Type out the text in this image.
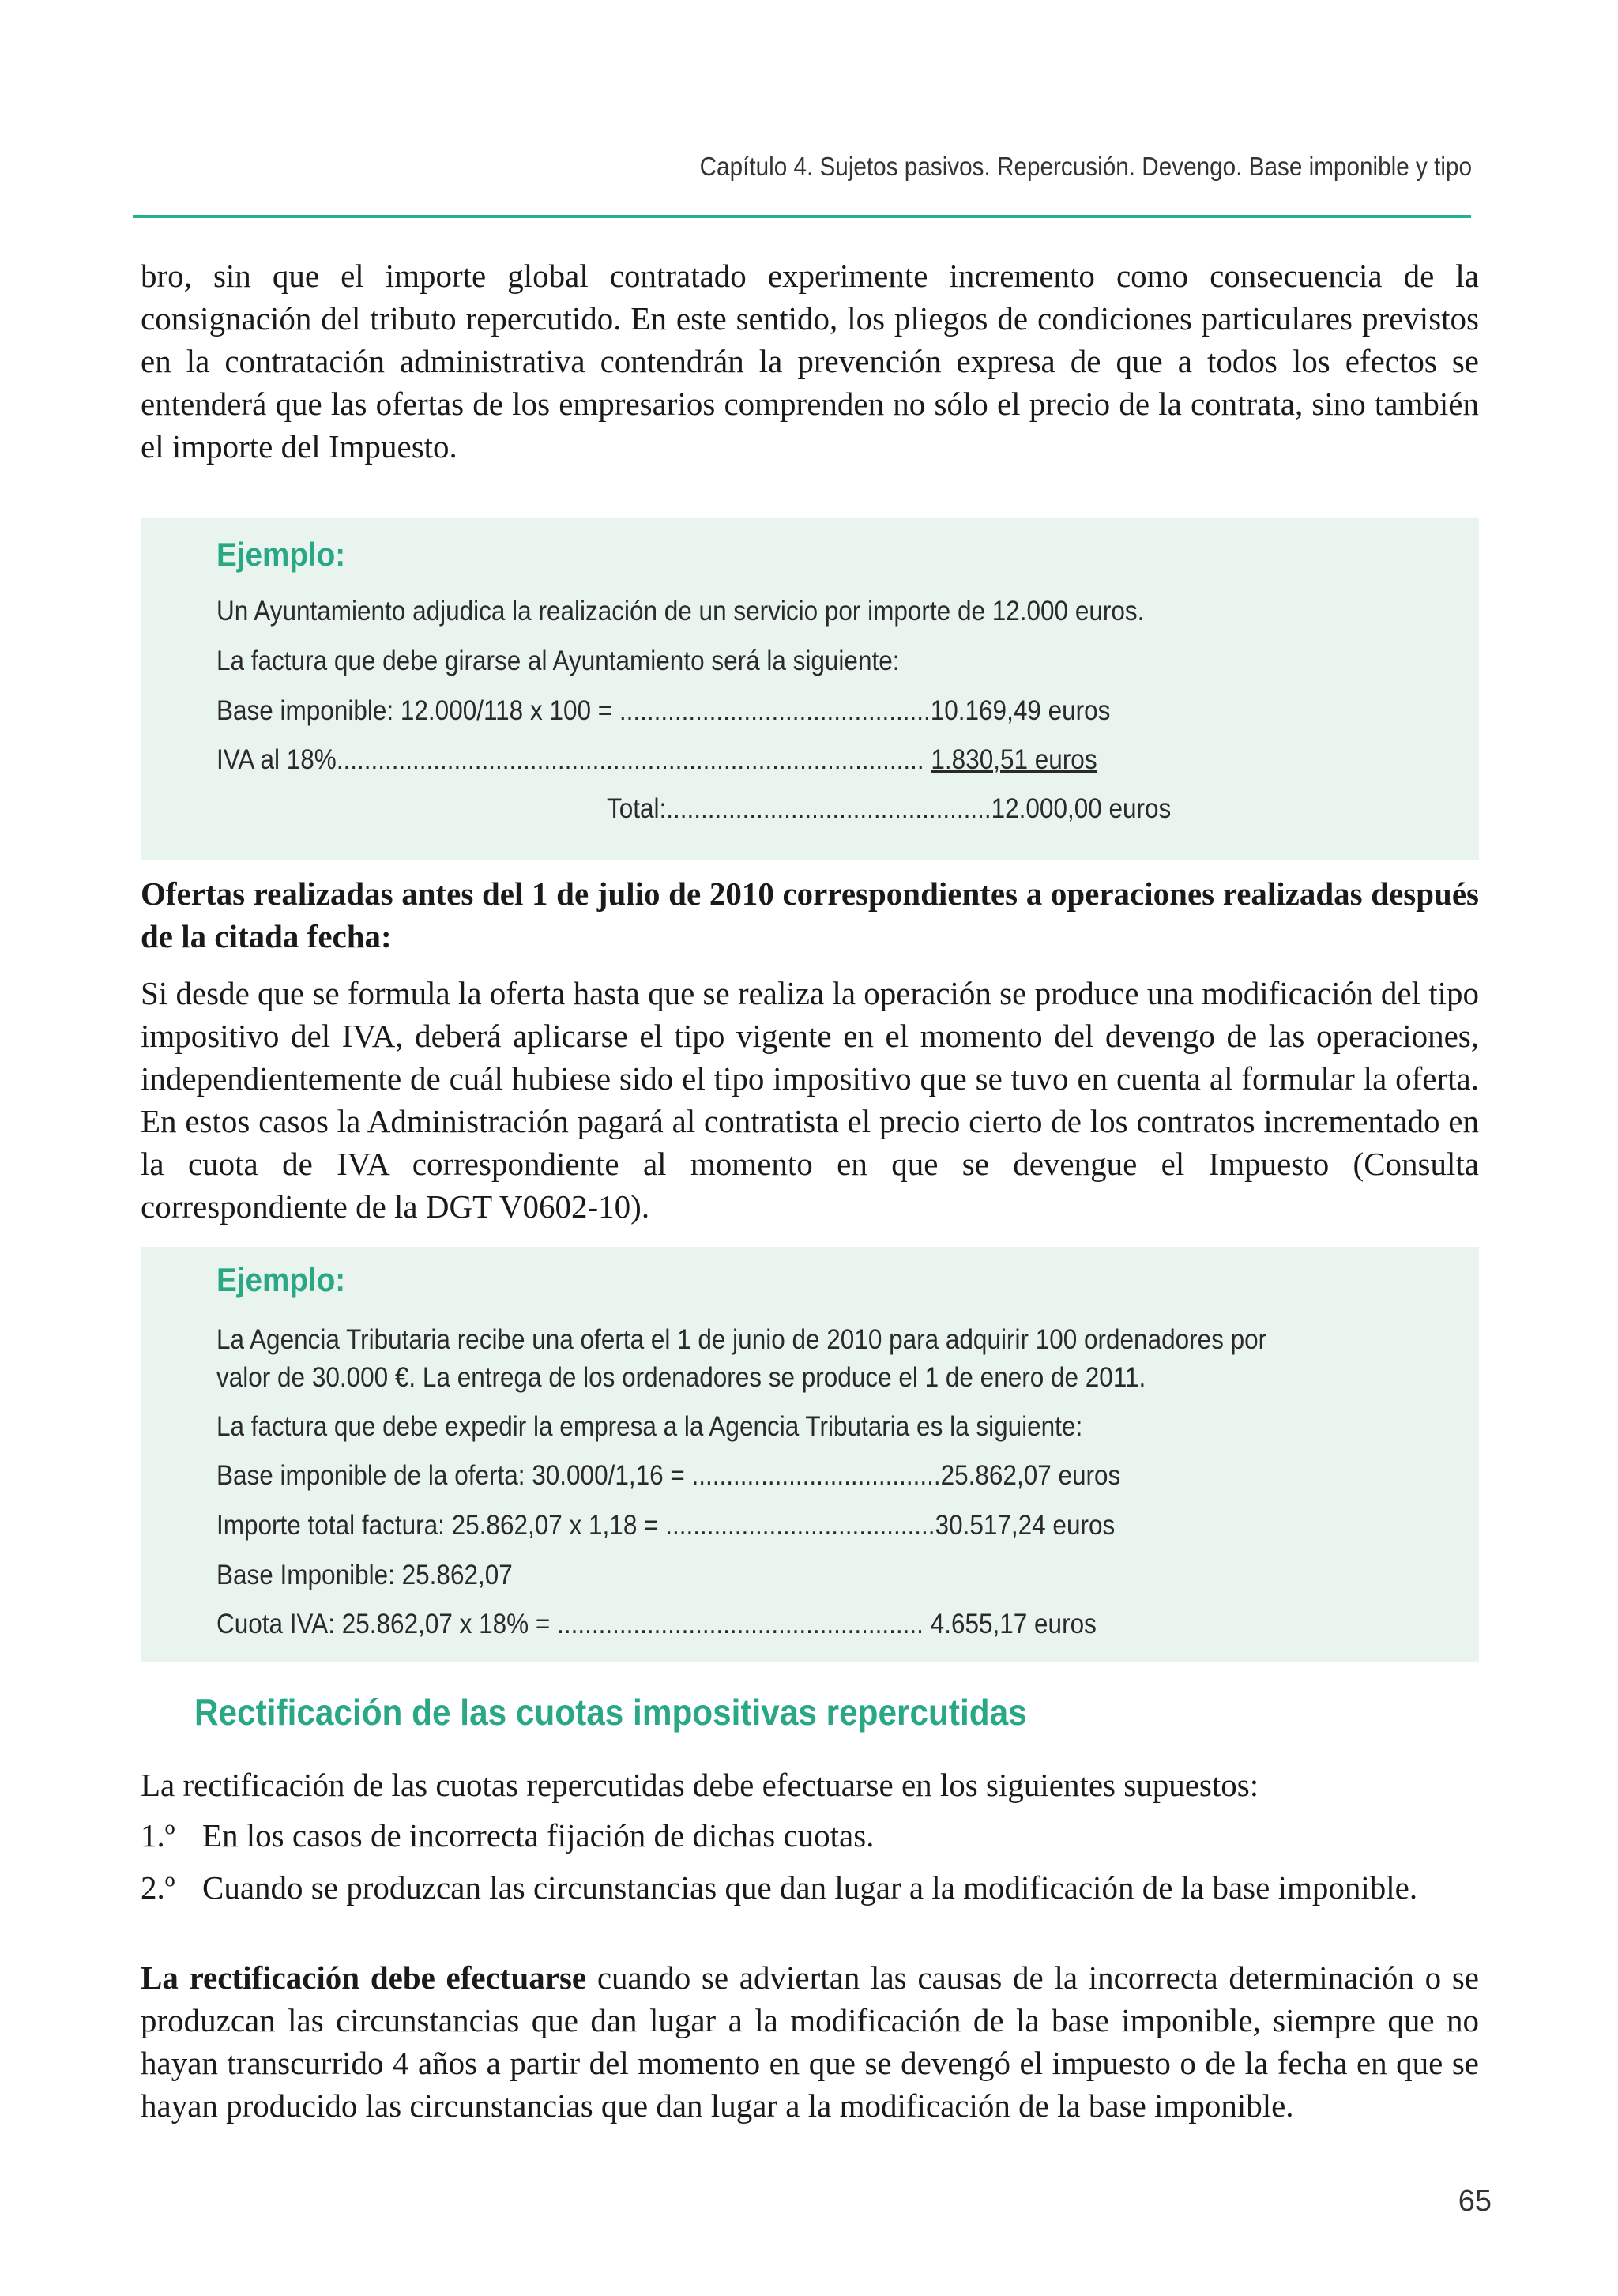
Capítulo 4. Sujetos pasivos. Repercusión. Devengo. Base imponible y tipo
bro, sin que el importe global contratado experimente incremento como consecuencia de la consignación del tributo repercutido. En este sentido, los pliegos de condiciones particulares previstos en la contratación administrativa contendrán la prevención expresa de que a todos los efectos se entenderá que las ofertas de los empresarios comprenden no sólo el precio de la contrata, sino también el importe del Impuesto.
Ejemplo:
Un Ayuntamiento adjudica la realización de un servicio por importe de 12.000 euros.
La factura que debe girarse al Ayuntamiento será la siguiente:
Base imponible: 12.000/118 x 100 = .............................................10.169,49 euros
IVA al 18%..................................................................................... 1.830,51 euros
Total:...............................................12.000,00 euros
Ofertas realizadas antes del 1 de julio de 2010 correspondientes a operaciones realizadas después de la citada fecha:
Si desde que se formula la oferta hasta que se realiza la operación se produce una modificación del tipo impositivo del IVA, deberá aplicarse el tipo vigente en el momento del devengo de las operaciones, independientemente de cuál hubiese sido el tipo impositivo que se tuvo en cuenta al formular la oferta. En estos casos la Administración pagará al contratista el precio cierto de los contratos incrementado en la cuota de IVA correspondiente al momento en que se devengue el Impuesto (Consulta correspondiente de la DGT V0602-10).
Ejemplo:
La Agencia Tributaria recibe una oferta el 1 de junio de 2010 para adquirir 100 ordenadores por
valor de 30.000 €. La entrega de los ordenadores se produce el 1 de enero de 2011.
La factura que debe expedir la empresa a la Agencia Tributaria es la siguiente:
Base imponible de la oferta: 30.000/1,16 = ....................................25.862,07 euros
Importe total factura: 25.862,07 x 1,18 = .......................................30.517,24 euros
Base Imponible: 25.862,07
Cuota IVA: 25.862,07 x 18% = ..................................................... 4.655,17 euros
Rectificación de las cuotas impositivas repercutidas
La rectificación de las cuotas repercutidas debe efectuarse en los siguientes supuestos:
1.º En los casos de incorrecta fijación de dichas cuotas.
2.º Cuando se produzcan las circunstancias que dan lugar a la modificación de la base imponible.
La rectificación debe efectuarse cuando se adviertan las causas de la incorrecta determinación o se produzcan las circunstancias que dan lugar a la modificación de la base imponible, siempre que no hayan transcurrido 4 años a partir del momento en que se devengó el impuesto o de la fecha en que se hayan producido las circunstancias que dan lugar a la modificación de la base imponible.
65
